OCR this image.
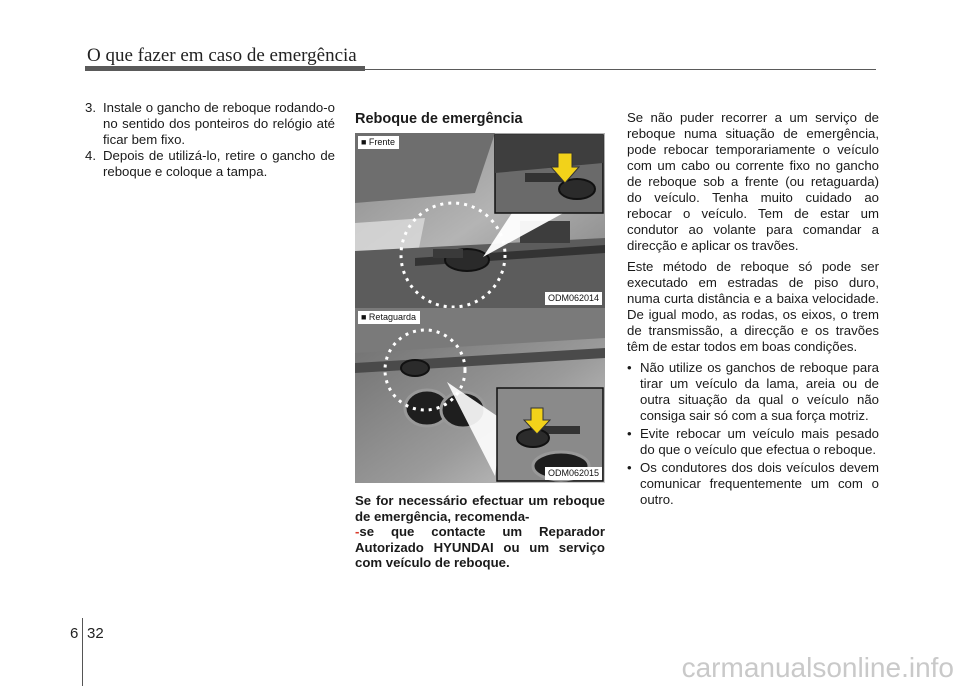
O que fazer em caso de emergência
3. Instale o gancho de reboque rodando-o no sentido dos ponteiros do relógio até ficar bem fixo.
4. Depois de utilizá-lo, retire o gancho de reboque e coloque a tampa.
Reboque de emergência
■ Frente
ODM062014
■ Retaguarda
ODM062015
Se for necessário efectuar um reboque de emergência, recomenda-
-se que contacte um Reparador Autorizado HYUNDAI ou um serviço com veículo de reboque.

Se não puder recorrer a um serviço de reboque numa situação de emergência, pode rebocar temporariamente o veículo com um cabo ou corrente fixo no gancho de reboque sob a frente (ou retaguarda) do veículo. Tenha muito cuidado ao rebocar o veículo. Tem de estar um condutor ao volante para comandar a direcção e aplicar os travões.

Este método de reboque só pode ser executado em estradas de piso duro, numa curta distância e a baixa velocidade. De igual modo, as rodas, os eixos, o trem de transmissão, a direcção e os travões têm de estar todos em boas condições.

• Não utilize os ganchos de reboque para tirar um veículo da lama, areia ou de outra situação da qual o veículo não consiga sair só com a sua força motriz.
• Evite rebocar um veículo mais pesado do que o veículo que efectua o reboque.
• Os condutores dos dois veículos devem comunicar frequentemente um com o outro.
6 32
carmanualsonline.info
